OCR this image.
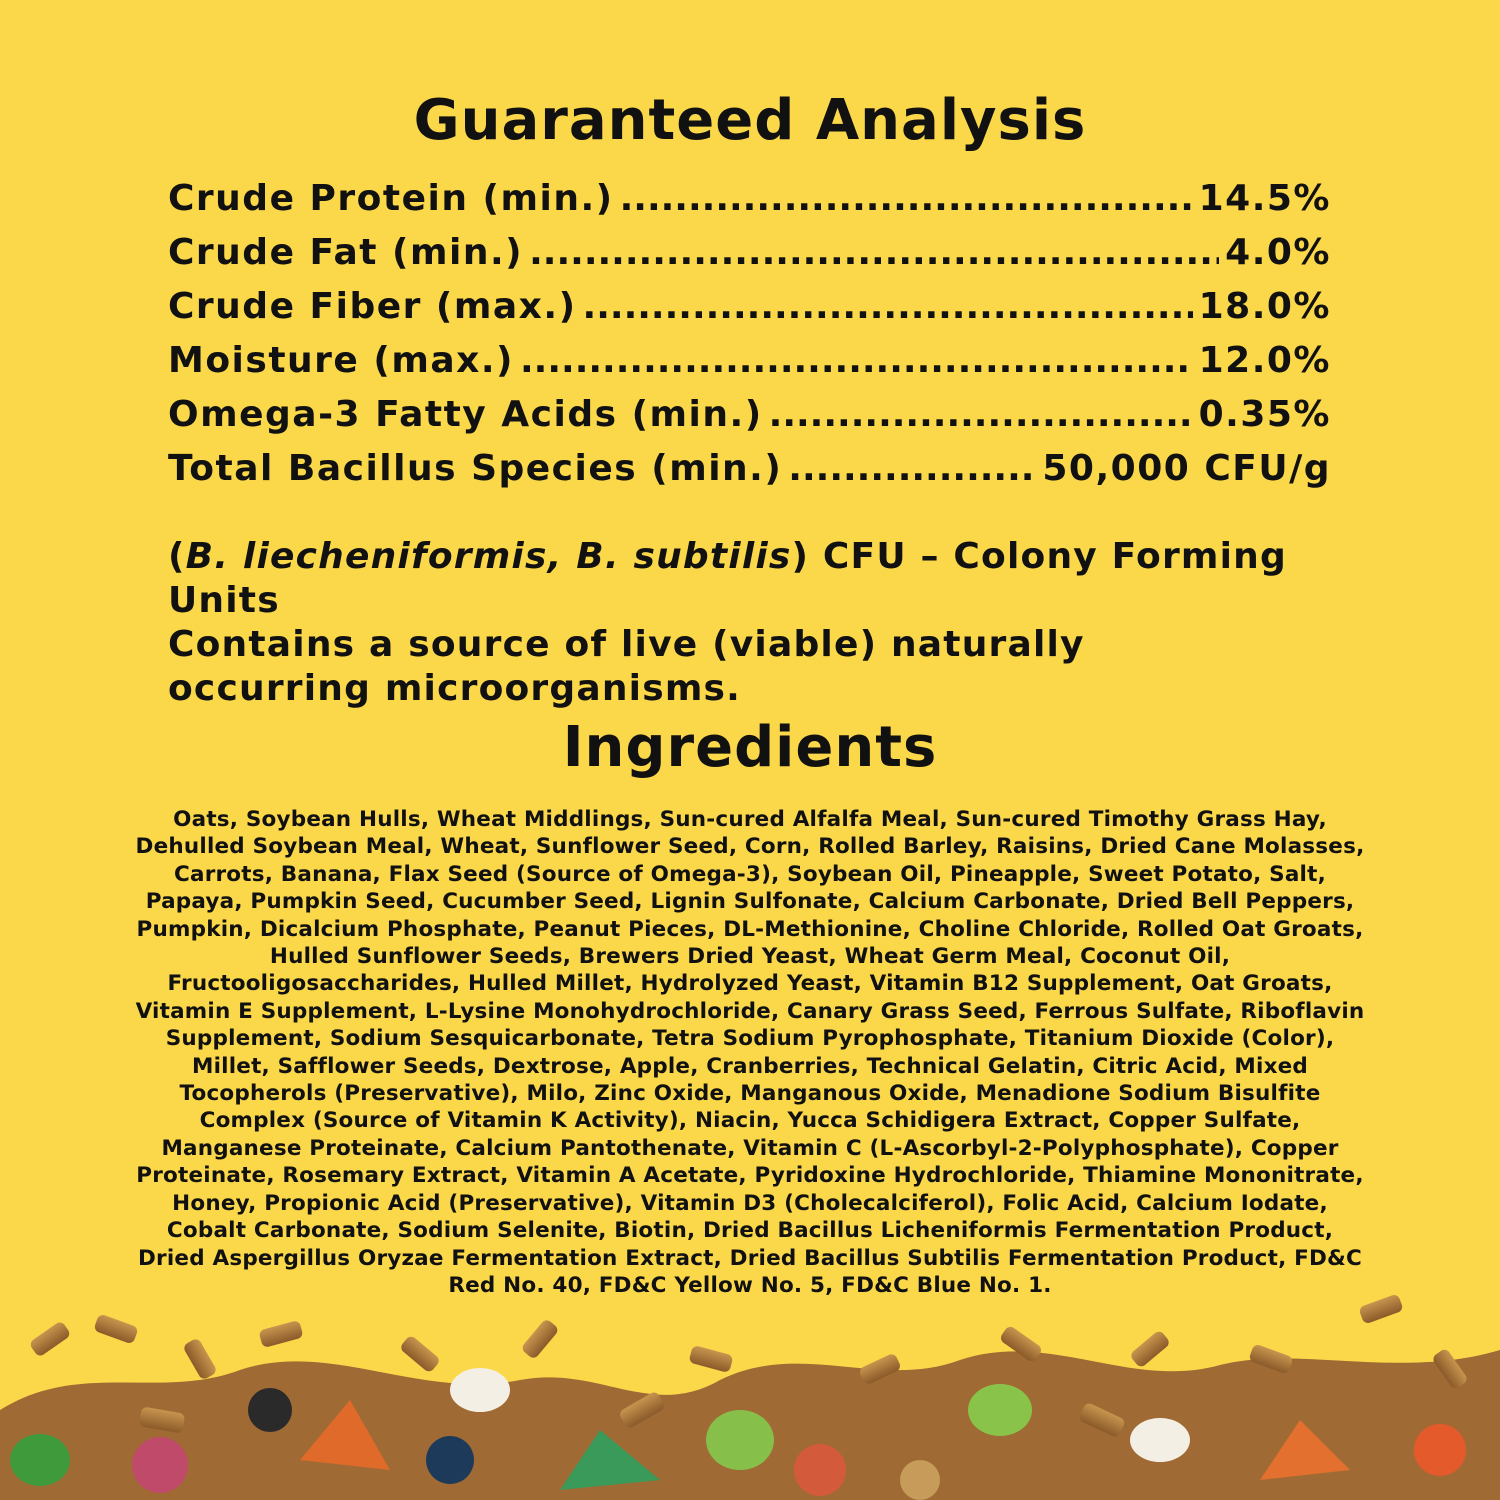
Guaranteed Analysis
Crude Protein (min.) .....	14.5%
Crude Fat (min.) .....	4.0%
Crude Fiber (max.) .....	18.0%
Moisture (max.) .....	12.0%
Omega-3 Fatty Acids (min.) .....	0.35%
Total Bacillus Species (min.) .....	50,000 CFU/g
(B. liecheniformis, B. subtilis) CFU – Colony Forming Units
Contains a source of live (viable) naturally
occurring microorganisms.
Ingredients
Oats, Soybean Hulls, Wheat Middlings, Sun-cured Alfalfa Meal, Sun-cured Timothy Grass Hay, Dehulled Soybean Meal, Wheat, Sunflower Seed, Corn, Rolled Barley, Raisins, Dried Cane Molasses, Carrots, Banana, Flax Seed (Source of Omega-3), Soybean Oil, Pineapple, Sweet Potato, Salt, Papaya, Pumpkin Seed, Cucumber Seed, Lignin Sulfonate, Calcium Carbonate, Dried Bell Peppers, Pumpkin, Dicalcium Phosphate, Peanut Pieces, DL-Methionine, Choline Chloride, Rolled Oat Groats, Hulled Sunflower Seeds, Brewers Dried Yeast, Wheat Germ Meal, Coconut Oil, Fructooligosaccharides, Hulled Millet, Hydrolyzed Yeast, Vitamin B12 Supplement, Oat Groats, Vitamin E Supplement, L-Lysine Monohydrochloride, Canary Grass Seed, Ferrous Sulfate, Riboflavin Supplement, Sodium Sesquicarbonate, Tetra Sodium Pyrophosphate, Titanium Dioxide (Color), Millet, Safflower Seeds, Dextrose, Apple, Cranberries, Technical Gelatin, Citric Acid, Mixed Tocopherols (Preservative), Milo, Zinc Oxide, Manganous Oxide, Menadione Sodium Bisulfite Complex (Source of Vitamin K Activity), Niacin, Yucca Schidigera Extract, Copper Sulfate, Manganese Proteinate, Calcium Pantothenate, Vitamin C (L-Ascorbyl-2-Polyphosphate), Copper Proteinate, Rosemary Extract, Vitamin A Acetate, Pyridoxine Hydrochloride, Thiamine Mononitrate, Honey, Propionic Acid (Preservative), Vitamin D3 (Cholecalciferol), Folic Acid, Calcium Iodate, Cobalt Carbonate, Sodium Selenite, Biotin, Dried Bacillus Licheniformis Fermentation Product, Dried Aspergillus Oryzae Fermentation Extract, Dried Bacillus Subtilis Fermentation Product, FD&C Red No. 40, FD&C Yellow No. 5, FD&C Blue No. 1.
